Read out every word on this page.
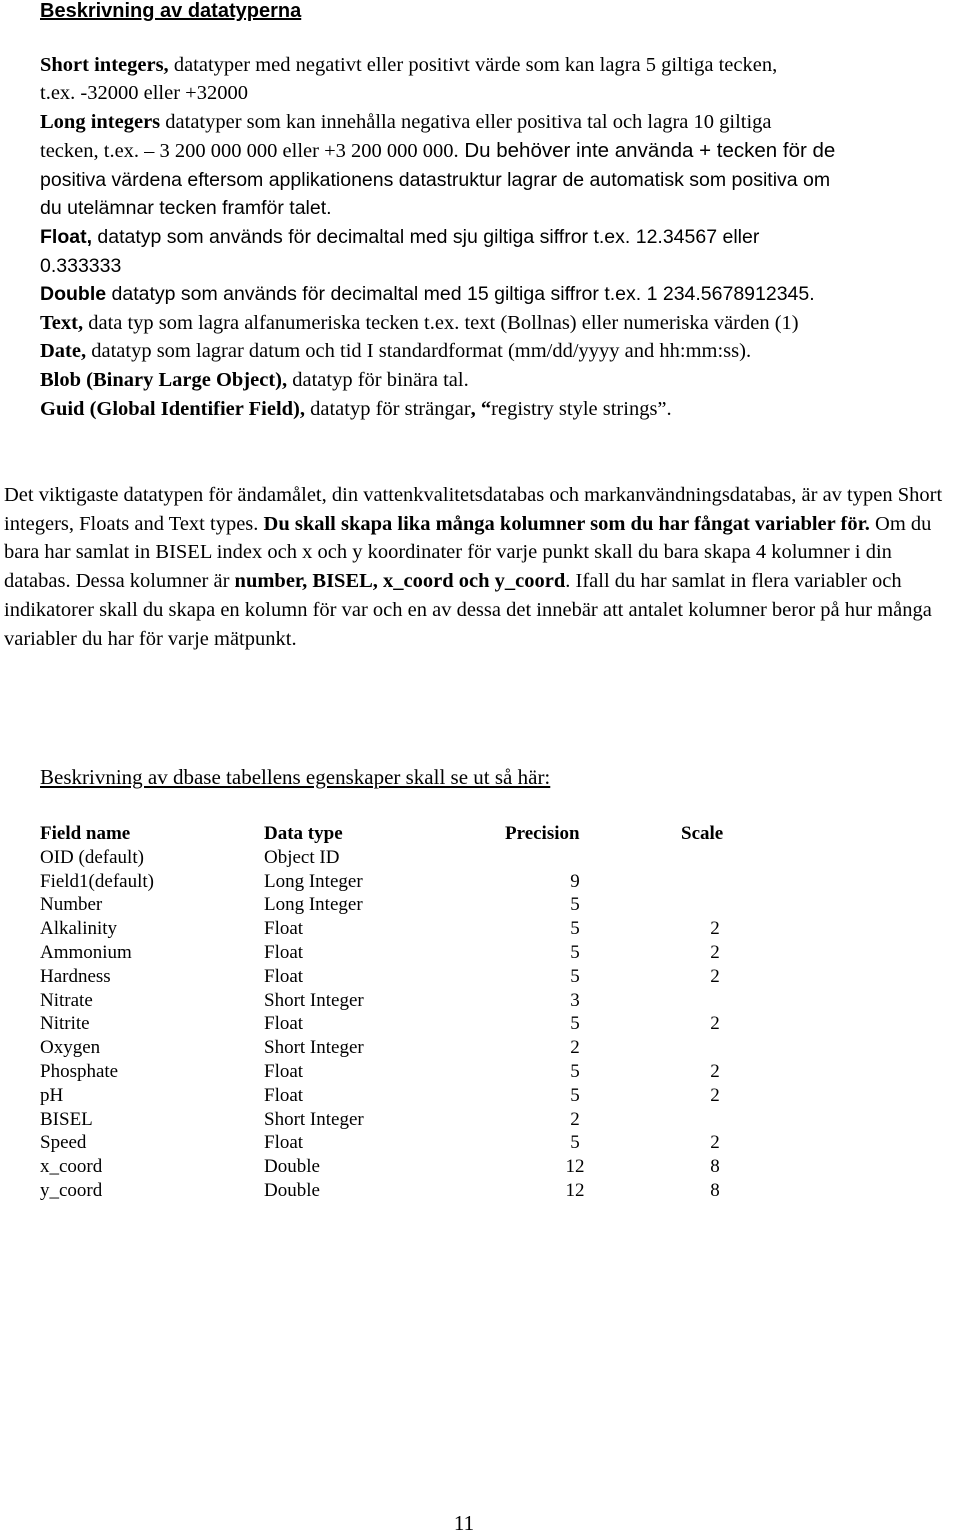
Beskrivning av datatyperna
Short integers, datatyper med negativt eller positivt värde som kan lagra 5 giltiga tecken,
t.ex. -32000 eller +32000
Long integers datatyper som kan innehålla negativa eller positiva tal och lagra 10 giltiga
tecken, t.ex. – 3 200 000 000 eller +3 200 000 000. Du behöver inte använda + tecken för de
positiva värdena eftersom applikationens datastruktur lagrar de automatisk som positiva om
du utelämnar tecken framför talet.
Float, datatyp som används för decimaltal med sju giltiga siffror t.ex. 12.34567 eller
0.333333
Double datatyp som används för decimaltal med 15 giltiga siffror t.ex. 1 234.5678912345.
Text, data typ som lagra alfanumeriska tecken t.ex. text (Bollnas) eller numeriska värden (1)
Date, datatyp som lagrar datum och tid I standardformat (mm/dd/yyyy and hh:mm:ss).
Blob (Binary Large Object), datatyp för binära tal.
Guid (Global Identifier Field), datatyp för strängar, “registry style strings”.

Det viktigaste datatypen för ändamålet, din vattenkvalitetsdatabas och markanvändningsdatabas, är av typen Short integers, Floats and Text types. Du skall skapa lika många kolumner som du har fångat variabler för. Om du bara har samlat in BISEL index och x och y koordinater för varje punkt skall du bara skapa 4 kolumner i din databas. Dessa kolumner är number, BISEL, x_coord och y_coord. Ifall du har samlat in flera variabler och indikatorer skall du skapa en kolumn för var och en av dessa det innebär att antalet kolumner beror på hur många variabler du har för varje mätpunkt.

Beskrivning av dbase tabellens egenskaper skall se ut så här:
Field name	Data type	Precision	Scale
OID (default)	Object ID
Field1(default)	Long Integer	9
Number	Long Integer	5
Alkalinity	Float	5	2
Ammonium	Float	5	2
Hardness	Float	5	2
Nitrate	Short Integer	3
Nitrite	Float	5	2
Oxygen	Short Integer	2
Phosphate	Float	5	2
pH	Float	5	2
BISEL	Short Integer	2
Speed	Float	5	2
x_coord	Double	12	8
y_coord	Double	12	8
11
